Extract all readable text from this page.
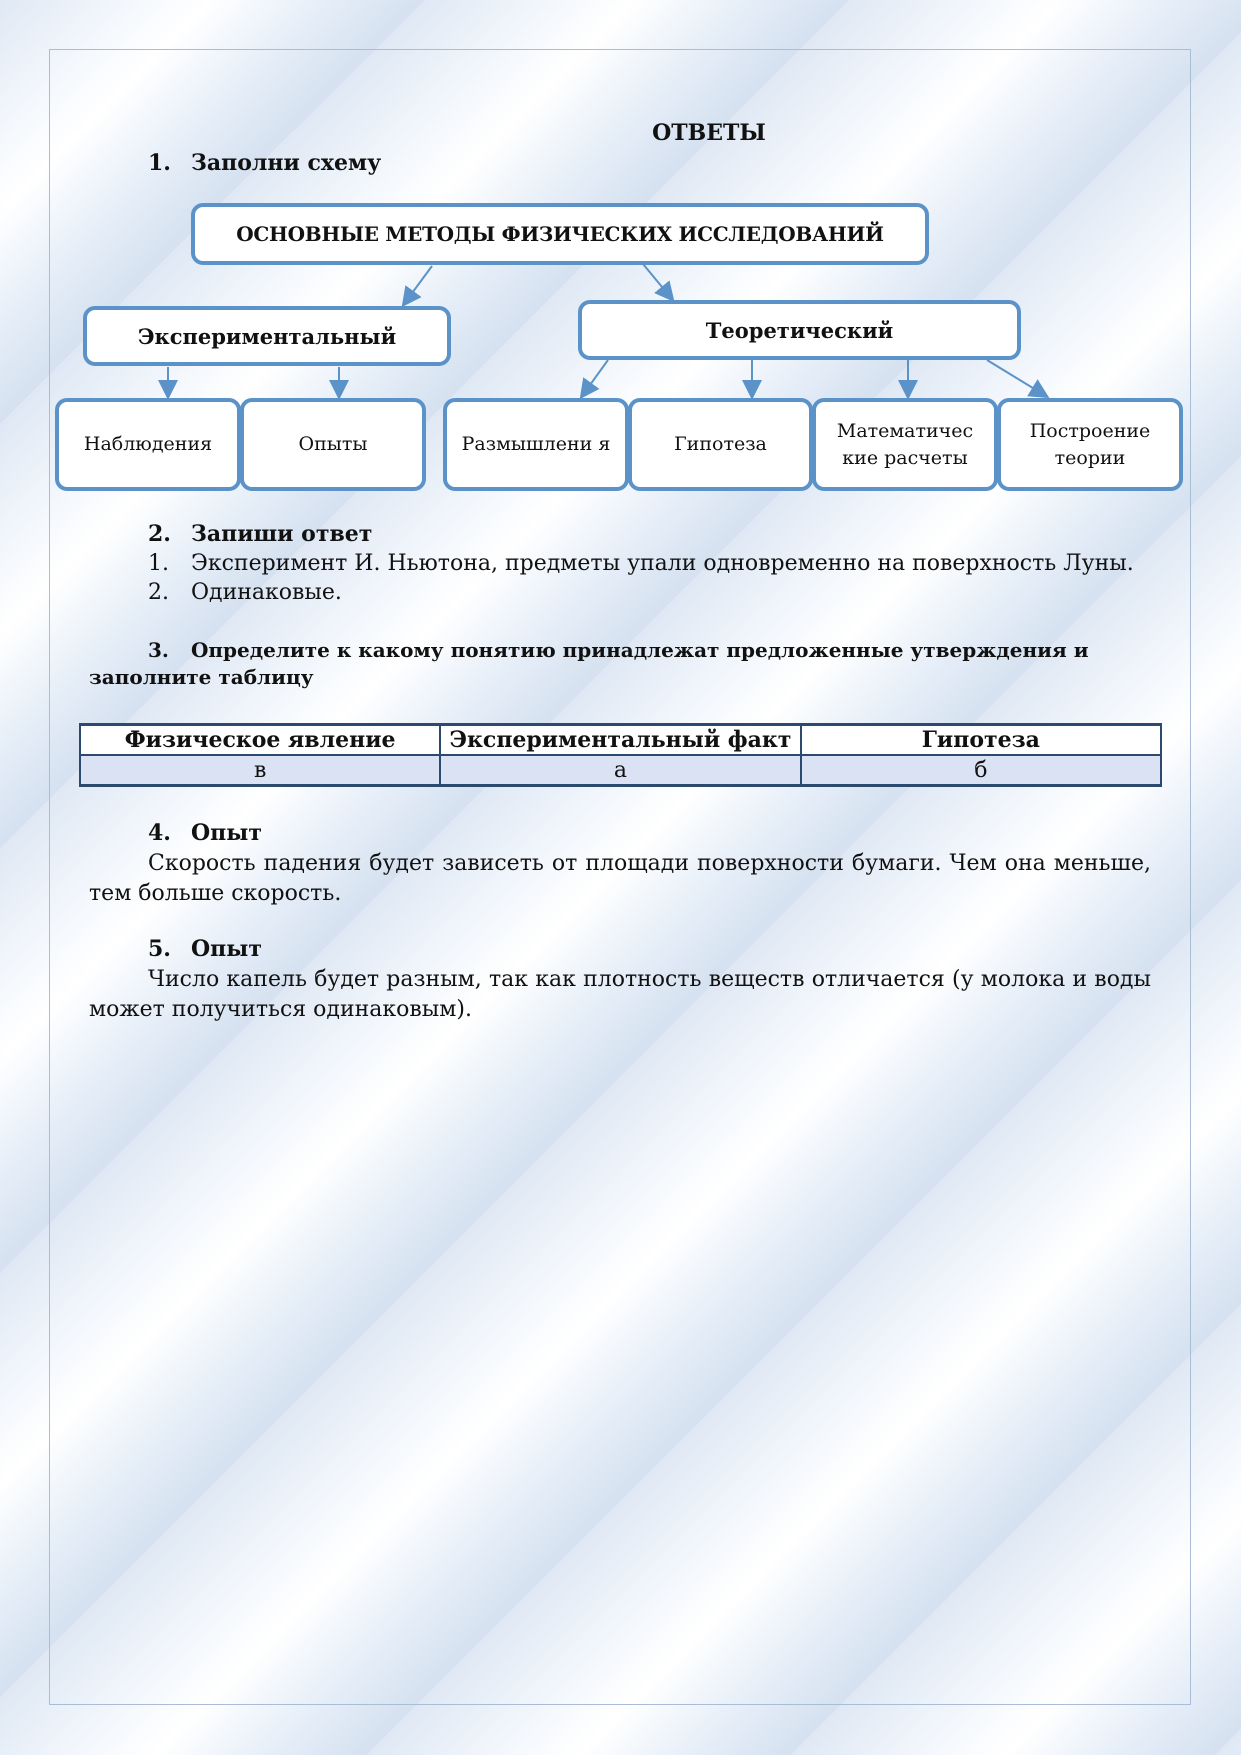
ОТВЕТЫ
1. Заполни схему
ОСНОВНЫЕ МЕТОДЫ ФИЗИЧЕСКИХ ИССЛЕДОВАНИЙ
Экспериментальный	Теоретический
Наблюдения	Опыты	Размышлени я	Гипотеза
Математичес кие расчеты
Построение теории
2. Запиши ответ
1. Эксперимент И. Ньютона, предметы упали одновременно на поверхность Луны.
2. Одинаковые.
3. Определите к какому понятию принадлежат предложенные утверждения и
заполните таблицу
Физическое явление	Экспериментальный факт	Гипотеза
в	а	б
4. Опыт
Скорость падения будет зависеть от площади поверхности бумаги. Чем она меньше, тем больше скорость.
5. Опыт
Число капель будет разным, так как плотность веществ отличается (у молока и воды может получиться одинаковым).
